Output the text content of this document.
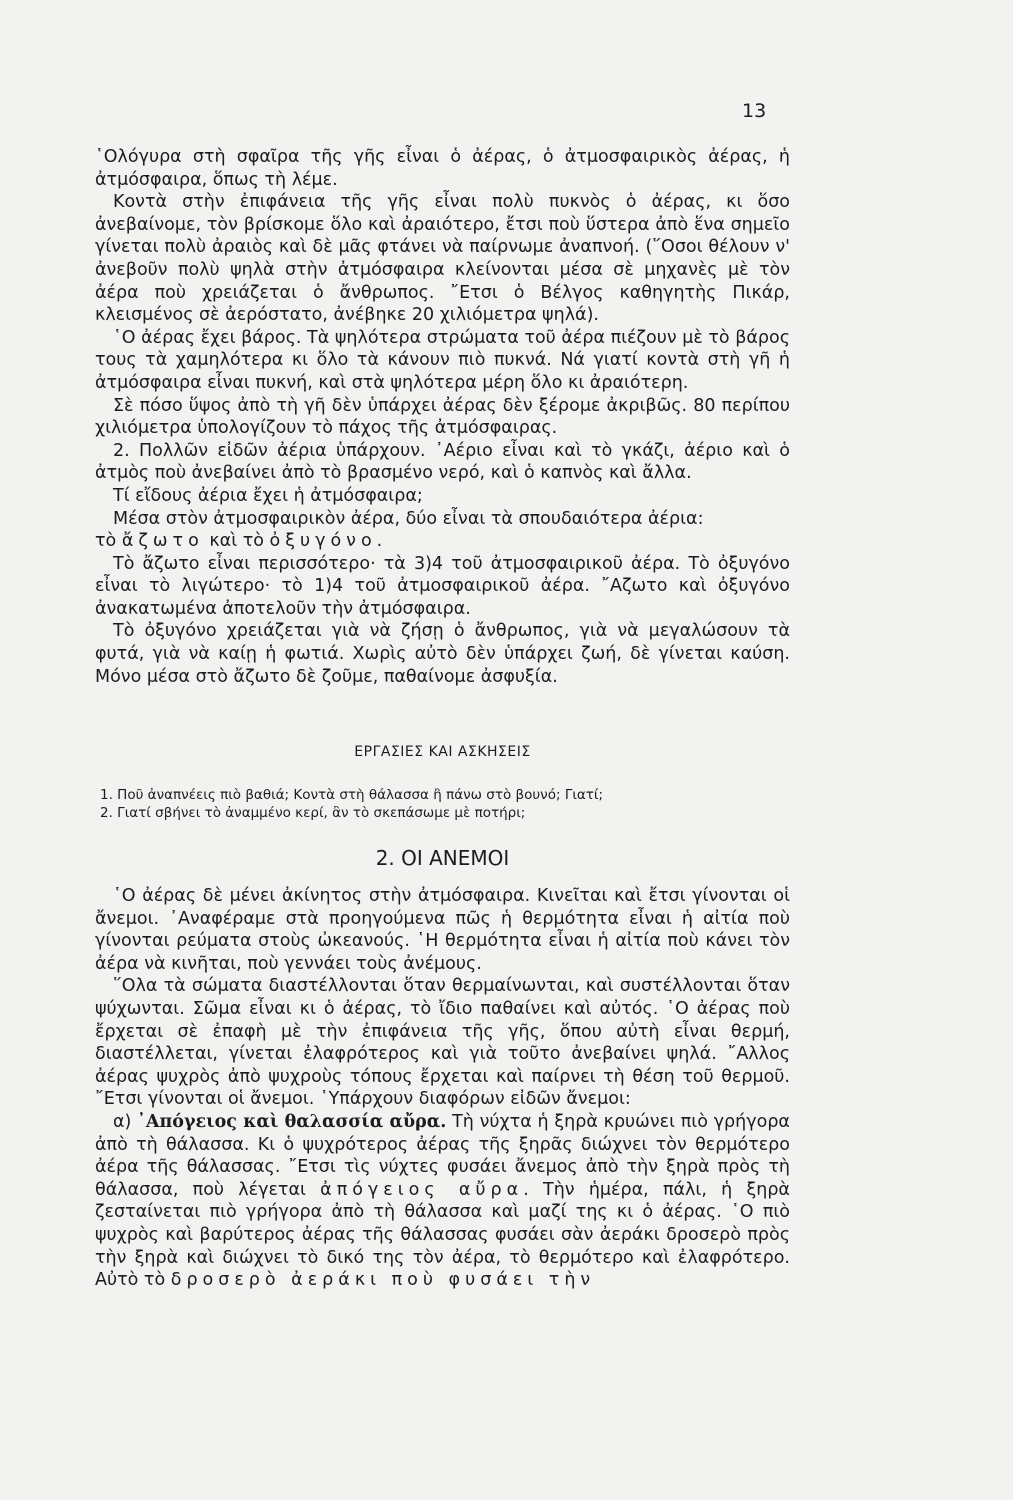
13

῾Ολόγυρα στὴ σφαῖρα τῆς γῆς εἶναι ὁ ἀέρας, ὁ ἀτμοσφαιρικὸς ἀέρας, ἡ ἀτμόσφαιρα, ὅπως τὴ λέμε.

Κοντὰ στὴν ἐπιφάνεια τῆς γῆς εἶναι πολὺ πυκνὸς ὁ ἀέρας, κι ὅσο ἀνεβαίνομε, τὸν βρίσκομε ὅλο καὶ ἀραιότερο, ἔτσι ποὺ ὕστερα ἀπὸ ἕνα σημεῖο γίνεται πολὺ ἀραιὸς καὶ δὲ μᾶς φτάνει νὰ παίρνωμε ἀναπνοή. (῞Οσοι θέλουν ν' ἀνεβοῦν πολὺ ψηλὰ στὴν ἀτμόσφαιρα κλείνονται μέσα σὲ μηχανὲς μὲ τὸν ἀέρα ποὺ χρειάζεται ὁ ἄνθρωπος. ῎Ετσι ὁ Βέλγος καθηγητὴς Πικάρ, κλεισμένος σὲ ἀερόστατο, ἀνέβηκε 20 χιλιόμετρα ψηλά).

῾Ο ἀέρας ἔχει βάρος. Τὰ ψηλότερα στρώματα τοῦ ἀέρα πιέζουν μὲ τὸ βάρος τους τὰ χαμηλότερα κι ὅλο τὰ κάνουν πιὸ πυκνά. Νά γιατί κοντὰ στὴ γῆ ἡ ἀτμόσφαιρα εἶναι πυκνή, καὶ στὰ ψηλότερα μέρη ὅλο κι ἀραιότερη.

Σὲ πόσο ὕψος ἀπὸ τὴ γῆ δὲν ὑπάρχει ἀέρας δὲν ξέρομε ἀκριβῶς. 80 περίπου χιλιόμετρα ὑπολογίζουν τὸ πάχος τῆς ἀτμόσφαιρας.

2. Πολλῶν εἰδῶν ἀέρια ὑπάρχουν. ᾿Αέριο εἶναι καὶ τὸ γκάζι, ἀέριο καὶ ὁ ἀτμὸς ποὺ ἀνεβαίνει ἀπὸ τὸ βρασμένο νερό, καὶ ὁ καπνὸς καὶ ἄλλα.

Τί εἴδους ἀέρια ἔχει ἡ ἀτμόσφαιρα;

Μέσα στὸν ἀτμοσφαιρικὸν ἀέρα, δύο εἶναι τὰ σπουδαιότερα ἀέρια:

τὸ ἄζωτο καὶ τὸ ὀξυγόνο.

Τὸ ἄζωτο εἶναι περισσότερο· τὰ 3)4 τοῦ ἀτμοσφαιρικοῦ ἀέρα. Τὸ ὀξυγόνο εἶναι τὸ λιγώτερο· τὸ 1)4 τοῦ ἀτμοσφαιρικοῦ ἀέρα. ῎Αζωτο καὶ ὀξυγόνο ἀνακατωμένα ἀποτελοῦν τὴν ἀτμόσφαιρα.

Τὸ ὀξυγόνο χρειάζεται γιὰ νὰ ζήσῃ ὁ ἄνθρωπος, γιὰ νὰ μεγαλώσουν τὰ φυτά, γιὰ νὰ καίῃ ἡ φωτιά. Χωρὶς αὐτὸ δὲν ὑπάρχει ζωή, δὲ γίνεται καύση. Μόνο μέσα στὸ ἄζωτο δὲ ζοῦμε, παθαίνομε ἀσφυξία.

ΕΡΓΑΣΙΕΣ ΚΑΙ ΑΣΚΗΣΕΙΣ
1. Ποῦ ἀναπνέεις πιὸ βαθιά; Κοντὰ στὴ θάλασσα ἢ πάνω στὸ βουνό; Γιατί;
2. Γιατί σβήνει τὸ ἀναμμένο κερί, ἂν τὸ σκεπάσωμε μὲ ποτήρι;
2. ΟΙ ΑΝΕΜΟΙ

῾Ο ἀέρας δὲ μένει ἀκίνητος στὴν ἀτμόσφαιρα. Κινεῖται καὶ ἔτσι γίνονται οἱ ἄνεμοι. ᾿Αναφέραμε στὰ προηγούμενα πῶς ἡ θερμότητα εἶναι ἡ αἰτία ποὺ γίνονται ρεύματα στοὺς ὠκεανούς. ῾Η θερμότητα εἶναι ἡ αἰτία ποὺ κάνει τὸν ἀέρα νὰ κινῆται, ποὺ γεννάει τοὺς ἀνέμους.

῞Ολα τὰ σώματα διαστέλλονται ὅταν θερμαίνωνται, καὶ συστέλλονται ὅταν ψύχωνται. Σῶμα εἶναι κι ὁ ἀέρας, τὸ ἴδιο παθαίνει καὶ αὐτός. ῾Ο ἀέρας ποὺ ἔρχεται σὲ ἐπαφὴ μὲ τὴν ἐπιφάνεια τῆς γῆς, ὅπου αὐτὴ εἶναι θερμή, διαστέλλεται, γίνεται ἐλαφρότερος καὶ γιὰ τοῦτο ἀνεβαίνει ψηλά. ῎Αλλος ἀέρας ψυχρὸς ἀπὸ ψυχροὺς τόπους ἔρχεται καὶ παίρνει τὴ θέση τοῦ θερμοῦ. ῎Ετσι γίνονται οἱ ἄνεμοι. ῾Υπάρχουν διαφόρων εἰδῶν ἄνεμοι:

α) ᾿Απόγειος καὶ θαλασσία αὔρα. Τὴ νύχτα ἡ ξηρὰ κρυώνει πιὸ γρήγορα ἀπὸ τὴ θάλασσα. Κι ὁ ψυχρότερος ἀέρας τῆς ξηρᾶς διώχνει τὸν θερμότερο ἀέρα τῆς θάλασσας. ῎Ετσι τὶς νύχτες φυσάει ἄνεμος ἀπὸ τὴν ξηρὰ πρὸς τὴ θάλασσα, ποὺ λέγεται ἀπόγειος αὔρα. Τὴν ἡμέρα, πάλι, ἡ ξηρὰ ζεσταίνεται πιὸ γρήγορα ἀπὸ τὴ θάλασσα καὶ μαζί της κι ὁ ἀέρας. ῾Ο πιὸ ψυχρὸς καὶ βαρύτερος ἀέρας τῆς θάλασσας φυσάει σὰν ἀεράκι δροσερὸ πρὸς τὴν ξηρὰ καὶ διώχνει τὸ δικό της τὸν ἀέρα, τὸ θερμότερο καὶ ἐλαφρότερο. Αὐτὸ τὸ δροσερὸ ἀεράκι ποὺ φυσάει τὴν
